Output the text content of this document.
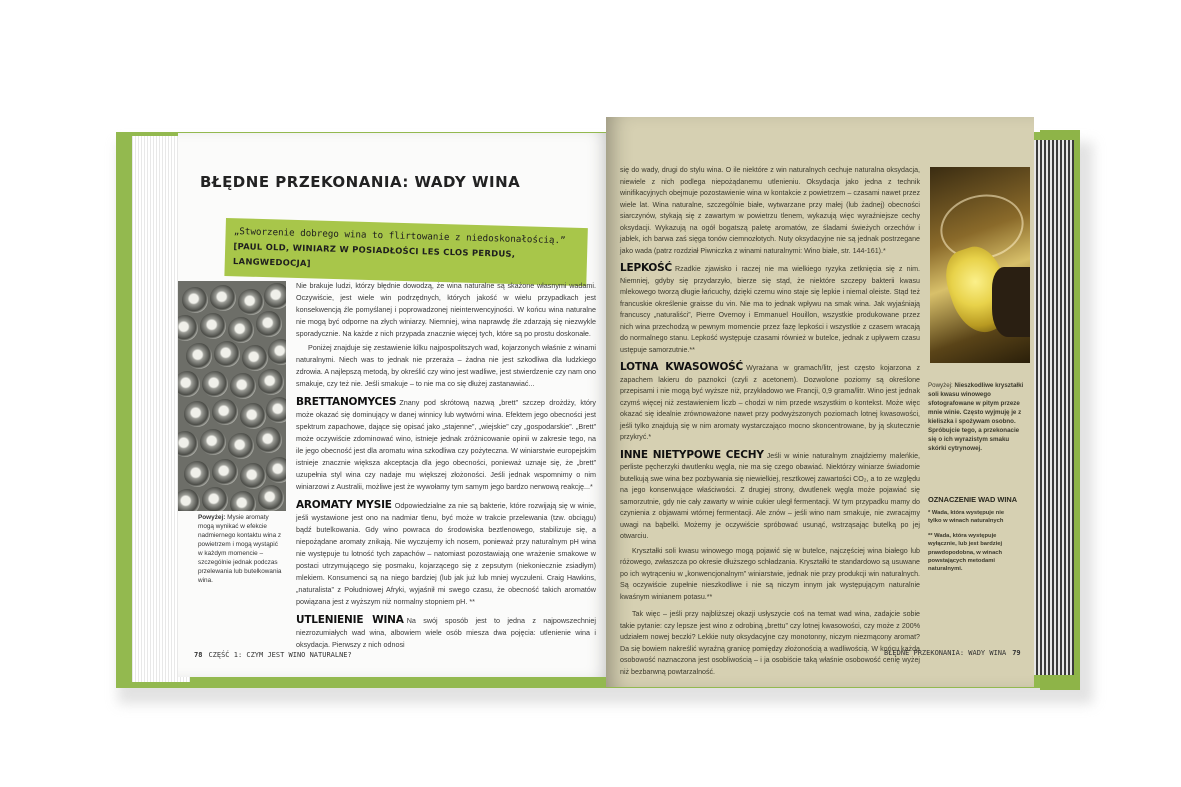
BŁĘDNE PRZEKONANIA: WADY WINA
„Stworzenie dobrego wina to flirtowanie z niedoskonałością.”
[PAUL OLD, WINIARZ W POSIADŁOŚCI LES CLOS PERDUS, LANGWEDOCJA]
Powyżej: Mysie aromaty mogą wynikać w efekcie nadmiernego kontaktu wina z powietrzem i mogą wystąpić w każdym momencie – szczególnie jednak podczas przelewania lub butelkowania wina.

Nie brakuje ludzi, którzy błędnie dowodzą, że wina naturalne są skażone własnymi wadami. Oczywiście, jest wiele win podrzędnych, których jakość w wielu przypadkach jest konsekwencją źle pomyślanej i poprowadzonej nieinterwencyjności. W końcu wina naturalne nie mogą być odporne na złych winiarzy. Niemniej, wina naprawdę źle zdarzają się niezwykle sporadycznie. Na każde z nich przypada znacznie więcej tych, które są po prostu doskonałe.

Poniżej znajduje się zestawienie kilku najpospolitszych wad, kojarzonych właśnie z winami naturalnymi. Niech was to jednak nie przeraża – żadna nie jest szkodliwa dla ludzkiego zdrowia. A najlepszą metodą, by określić czy wino jest wadliwe, jest stwierdzenie czy nam ono smakuje, czy też nie. Jeśli smakuje – to nie ma co się dłużej zastanawiać...

BRETTANOMYCES Znany pod skrótową nazwą „brett” szczep drożdży, który może okazać się dominujący w danej winnicy lub wytwórni wina. Efektem jego obecności jest spektrum zapachowe, dające się opisać jako „stajenne”, „wiejskie” czy „gospodarskie”. „Brett” może oczywiście zdominować wino, istnieje jednak zróżnicowanie opinii w zakresie tego, na ile jego obecność jest dla aromatu wina szkodliwa czy pożyteczna. W winiarstwie europejskim istnieje znacznie większa akceptacja dla jego obecności, ponieważ uznaje się, że „brett” uzupełnia styl wina czy nadaje mu większej złożoności. Jeśli jednak wspomnimy o nim winiarzowi z Australii, możliwe jest że wywołamy tym samym jego bardzo nerwową reakcję...*

AROMATY MYSIE Odpowiedzialne za nie są bakterie, które rozwijają się w winie, jeśli wystawione jest ono na nadmiar tlenu, być może w trakcie przelewania (tzw. obciągu) bądź butelkowania. Gdy wino powraca do środowiska beztlenowego, stabilizuje się, a niepożądane aromaty znikają. Nie wyczujemy ich nosem, ponieważ przy naturalnym pH wina nie występuje tu lotność tych zapachów – natomiast pozostawiają one wrażenie smakowe w postaci utrzymującego się posmaku, kojarzącego się z zepsutym (niekoniecznie zsiadłym) mlekiem. Konsumenci są na niego bardziej (lub jak już lub mniej wyczuleni. Craig Hawkins, „naturalista” z Południowej Afryki, wyjaśnił mi swego czasu, że obecność takich aromatów powiązana jest z wyższym niż normalny stopniem pH. **

UTLENIENIE WINA Na swój sposób jest to jedna z najpowszechniej niezrozumiałych wad wina, albowiem wiele osób miesza dwa pojęcia: utlenienie wina i oksydacja. Pierwszy z nich odnosi

78 CZĘŚĆ 1: CZYM JEST WINO NATURALNE?

się do wady, drugi do stylu wina. O ile niektóre z win naturalnych cechuje naturalna oksydacja, niewiele z nich podlega niepożądanemu utlenieniu. Oksydacja jako jedna z technik winifikacyjnych obejmuje pozostawienie wina w kontakcie z powietrzem – czasami nawet przez wiele lat. Wina naturalne, szczególnie białe, wytwarzane przy małej (lub żadnej) obecności siarczynów, stykają się z zawartym w powietrzu tlenem, wykazują więc wyraźniejsze cechy oksydacji. Wykazują na ogół bogatszą paletę aromatów, ze śladami świeżych orzechów i jabłek, ich barwa zaś sięga tonów ciemnozłotych. Nuty oksydacyjne nie są jednak postrzegane jako wada (patrz rozdział Piwniczka z winami naturalnymi: Wino białe, str. 144-161).*

LEPKOŚĆ Rzadkie zjawisko i raczej nie ma wielkiego ryzyka zetknięcia się z nim. Niemniej, gdyby się przydarzyło, bierze się stąd, że niektóre szczepy bakterii kwasu mlekowego tworzą długie łańcuchy, dzięki czemu wino staje się lepkie i niemal oleiste. Stąd też francuskie określenie graisse du vin. Nie ma to jednak wpływu na smak wina. Jak wyjaśniają francuscy „naturaliści”, Pierre Overnoy i Emmanuel Houillon, wszystkie produkowane przez nich wina przechodzą w pewnym momencie przez fazę lepkości i wszystkie z czasem wracają do normalnego stanu. Lepkość występuje czasami również w butelce, jednak z upływem czasu ustępuje samorzutnie.**

LOTNA KWASOWOŚĆ Wyrażana w gramach/litr, jest często kojarzona z zapachem lakieru do paznokci (czyli z acetonem). Dozwolone poziomy są określone przepisami i nie mogą być wyższe niż, przykładowo we Francji, 0,9 grama/litr. Wino jest jednak czymś więcej niż zestawieniem liczb – chodzi w nim przede wszystkim o kontekst. Może więc okazać się idealnie zrównoważone nawet przy podwyższonych poziomach lotnej kwasowości, jeśli tylko znajdują się w nim aromaty wystarczająco mocno skoncentrowane, by ją skutecznie przykryć.*

INNE NIETYPOWE CECHY Jeśli w winie naturalnym znajdziemy maleńkie, perliste pęcherzyki dwutlenku węgla, nie ma się czego obawiać. Niektórzy winiarze świadomie butelkują swe wina bez pozbywania się niewielkiej, resztkowej zawartości CO₂, a to ze względu na jego konserwujące właściwości. Z drugiej strony, dwutlenek węgla może pojawiać się samorzutnie, gdy nie cały zawarty w winie cukier uległ fermentacji. W tym przypadku mamy do czynienia z objawami wtórnej fermentacji. Ale znów – jeśli wino nam smakuje, nie zwracajmy uwagi na bąbelki. Możemy je oczywiście spróbować usunąć, wstrząsając butelką po jej otwarciu.

Kryształki soli kwasu winowego mogą pojawić się w butelce, najczęściej wina białego lub różowego, zwłaszcza po okresie dłuższego schładzania. Kryształki te standardowo są usuwane po ich wytrąceniu w „konwencjonalnym” winiarstwie, jednak nie przy produkcji win naturalnych. Są oczywiście zupełnie nieszkodliwe i nie są niczym innym jak występującym naturalnie kwaśnym winianem potasu.**

Tak więc – jeśli przy najbliższej okazji usłyszycie coś na temat wad wina, zadajcie sobie takie pytanie: czy lepsze jest wino z odrobiną „brettu” czy lotnej kwasowości, czy może z 200% udziałem nowej beczki? Lekkie nuty oksydacyjne czy monotonny, niczym niezmącony aromat? Da się bowiem nakreślić wyraźną granicę pomiędzy złożonością a wadliwością. W końcu każda osobowość naznaczona jest osobliwością – i ja osobiście taką właśnie osobowość cenię wyżej niż bezbarwną powtarzalność.

Powyżej: Nieszkodliwe kryształki soli kwasu winowego sfotografowane w pitym przeze mnie winie. Często wyjmuję je z kieliszka i spożywam osobno. Spróbujcie tego, a przekonacie się o ich wyrazistym smaku skórki cytrynowej.
OZNACZENIE WAD WINA

* Wada, która występuje nie tylko w winach naturalnych

** Wada, która występuje wyłącznie, lub jest bardziej prawdopodobna, w winach powstających metodami naturalnymi.

BŁĘDNE PRZEKONANIA: WADY WINA 79
